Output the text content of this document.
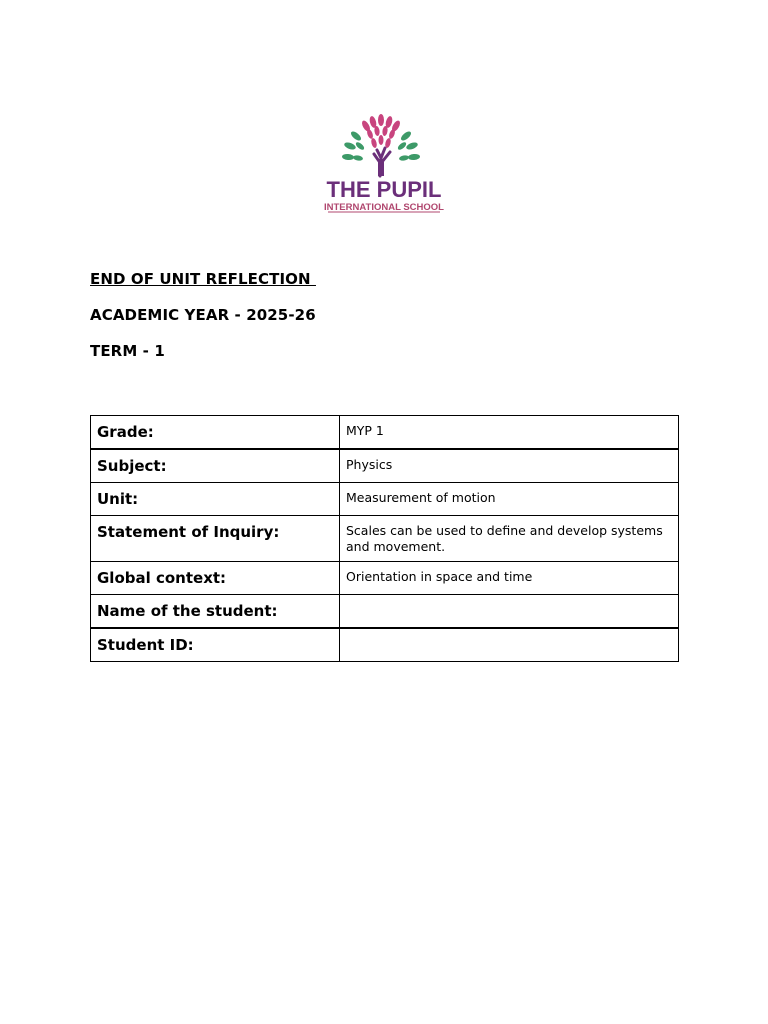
THE PUPIL
INTERNATIONAL SCHOOL
END OF UNIT REFLECTION
ACADEMIC YEAR - 2025-26
TERM - 1
Grade:	MYP 1
Subject:	Physics
Unit:	Measurement of motion
Statement of Inquiry:	Scales can be used to define and develop systems and movement.
Global context:	Orientation in space and time
Name of the student:	
Student ID:	
